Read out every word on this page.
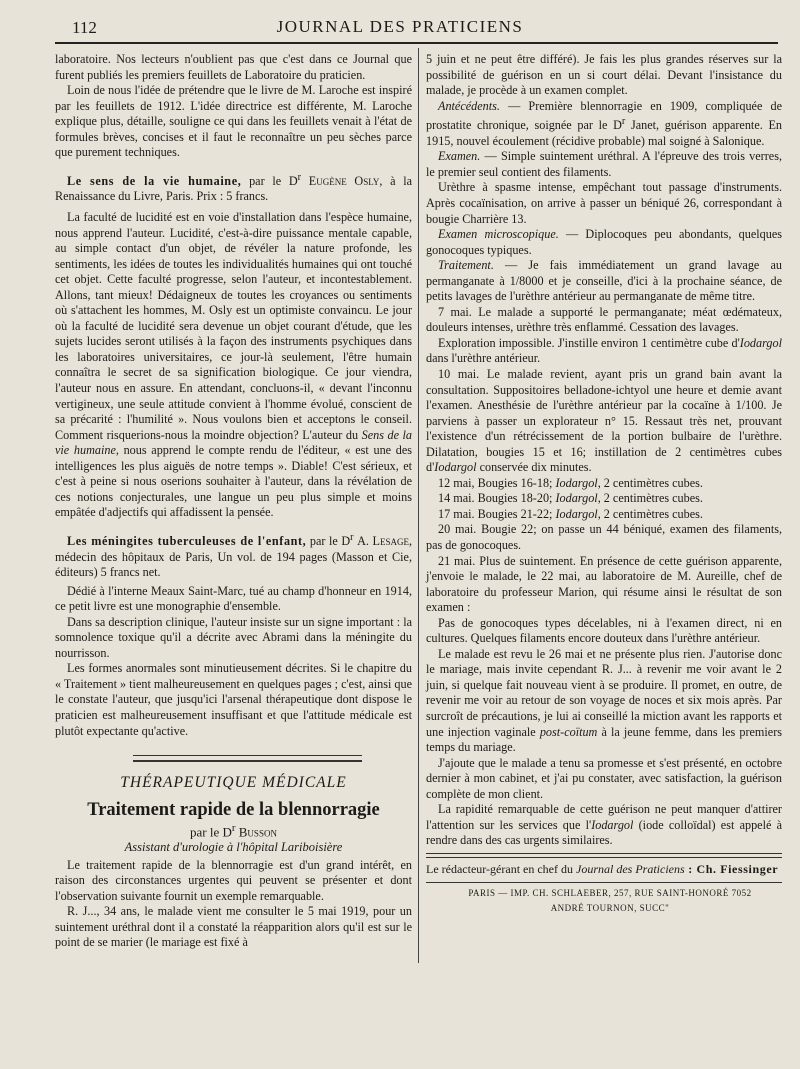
112	JOURNAL DES PRATICIENS

laboratoire. Nos lecteurs n'oublient pas que c'est dans ce Journal que furent publiés les premiers feuillets de Laboratoire du praticien.

Loin de nous l'idée de prétendre que le livre de M. Laroche est inspiré par les feuillets de 1912. L'idée directrice est différente, M. Laroche explique plus, détaille, souligne ce qui dans les feuillets venait à l'état de formules brèves, concises et il faut le reconnaître un peu sèches parce que purement techniques.

Le sens de la vie humaine, par le $D^r$ Eugène Osly, à la Renaissance du Livre, Paris. Prix : 5 francs.

La faculté de lucidité est en voie d'installation dans l'espèce humaine, nous apprend l'auteur. Lucidité, c'est-à-dire puissance mentale capable, au simple contact d'un objet, de révéler la nature profonde, les sentiments, les idées de toutes les individualités humaines qui ont touché cet objet. Cette faculté progresse, selon l'auteur, et incontestablement. Allons, tant mieux! Dédaigneux de toutes les croyances ou sentiments où s'attachent les hommes, M. Osly est un optimiste convaincu. Le jour où la faculté de lucidité sera devenue un objet courant d'étude, que les sujets lucides seront utilisés à la façon des instruments psychiques dans les laboratoires universitaires, ce jour-là seulement, l'être humain connaîtra le secret de sa signification biologique. Ce jour viendra, l'auteur nous en assure. En attendant, concluons-il, « devant l'inconnu vertigineux, une seule attitude convient à l'homme évolué, conscient de sa précarité : l'humilité ». Nous voulons bien et acceptons le conseil. Comment risquerions-nous la moindre objection? L'auteur du Sens de la vie humaine, nous apprend le compte rendu de l'éditeur, « est une des intelligences les plus aiguës de notre temps ». Diable! C'est sérieux, et c'est à peine si nous oserions souhaiter à l'auteur, dans la révélation de ces notions conjecturales, une langue un peu plus simple et moins empâtée d'adjectifs qui affadissent la pensée.

Les méningites tuberculeuses de l'enfant, par le $D^r$ A. Lesage, médecin des hôpitaux de Paris, Un vol. de 194 pages (Masson et Cie, éditeurs) 5 francs net.

Dédié à l'interne Meaux Saint-Marc, tué au champ d'honneur en 1914, ce petit livre est une monographie d'ensemble.

Dans sa description clinique, l'auteur insiste sur un signe important : la somnolence toxique qu'il a décrite avec Abrami dans la méningite du nourrisson.

Les formes anormales sont minutieusement décrites. Si le chapitre du « Traitement » tient malheureusement en quelques pages ; c'est, ainsi que le constate l'auteur, que jusqu'ici l'arsenal thérapeutique dont dispose le praticien est malheureusement insuffisant et que l'attitude médicale est plutôt expectante qu'active.

THÉRAPEUTIQUE MÉDICALE
Traitement rapide de la blennorragie
par le $D^r$ Busson
Assistant d'urologie à l'hôpital Lariboisière

Le traitement rapide de la blennorragie est d'un grand intérêt, en raison des circonstances urgentes qui peuvent se présenter et dont l'observation suivante fournit un exemple remarquable.

R. J..., 34 ans, le malade vient me consulter le 5 mai 1919, pour un suintement uréthral dont il a constaté la réapparition alors qu'il est sur le point de se marier (le mariage est fixé à

5 juin et ne peut être différé). Je fais les plus grandes réserves sur la possibilité de guérison en un si court délai. Devant l'insistance du malade, je procède à un examen complet.

Antécédents. — Première blennorragie en 1909, compliquée de prostatite chronique, soignée par le $D^r$ Janet, guérison apparente. En 1915, nouvel écoulement (récidive probable) mal soigné à Salonique.

Examen. — Simple suintement uréthral. A l'épreuve des trois verres, le premier seul contient des filaments.

Urèthre à spasme intense, empêchant tout passage d'instruments. Après cocaïnisation, on arrive à passer un béniqué 26, correspondant à bougie Charrière 13.

Examen microscopique. — Diplocoques peu abondants, quelques gonocoques typiques.

Traitement. — Je fais immédiatement un grand lavage au permanganate à 1/8000 et je conseille, d'ici à la prochaine séance, de petits lavages de l'urèthre antérieur au permanganate de même titre.

7 mai. Le malade a supporté le permanganate; méat œdémateux, douleurs intenses, urèthre très enflammé. Cessation des lavages.

Exploration impossible. J'instille environ 1 centimètre cube d'Iodargol dans l'urèthre antérieur.

10 mai. Le malade revient, ayant pris un grand bain avant la consultation. Suppositoires belladone-ichtyol une heure et demie avant l'examen. Anesthésie de l'urèthre antérieur par la cocaïne à 1/100. Je parviens à passer un explorateur n° 15. Ressaut très net, prouvant l'existence d'un rétrécissement de la portion bulbaire de l'urèthre. Dilatation, bougies 15 et 16; instillation de 2 centimètres cubes d'Iodargol conservée dix minutes.

12 mai, Bougies 16-18; Iodargol, 2 centimètres cubes.

14 mai. Bougies 18-20; Iodargol, 2 centimètres cubes.

17 mai. Bougies 21-22; Iodargol, 2 centimètres cubes.

20 mai. Bougie 22; on passe un 44 béniqué, examen des filaments, pas de gonocoques.

21 mai. Plus de suintement. En présence de cette guérison apparente, j'envoie le malade, le 22 mai, au laboratoire de M. Aureille, chef de laboratoire du professeur Marion, qui résume ainsi le résultat de son examen :

Pas de gonocoques types décelables, ni à l'examen direct, ni en cultures. Quelques filaments encore douteux dans l'urèthre antérieur.

Le malade est revu le 26 mai et ne présente plus rien. J'autorise donc le mariage, mais invite cependant R. J... à revenir me voir avant le 2 juin, si quelque fait nouveau vient à se produire. Il promet, en outre, de revenir me voir au retour de son voyage de noces et six mois après. Par surcroît de précautions, je lui ai conseillé la miction avant les rapports et une injection vaginale post-coïtum à la jeune femme, dans les premiers temps du mariage.

J'ajoute que le malade a tenu sa promesse et s'est présenté, en octobre dernier à mon cabinet, et j'ai pu constater, avec satisfaction, la guérison complète de mon client.

La rapidité remarquable de cette guérison ne peut manquer d'attirer l'attention sur les services que l'Iodargol (iode colloïdal) est appelé à rendre dans des cas urgents similaires.

Le rédacteur-gérant en chef du Journal des Praticiens : Ch. Fiessinger

PARIS — IMP. CH. SCHLAEBER, 257, RUE SAINT-HONORÉ 7052

ANDRÉ TOURNON, SUCC"
